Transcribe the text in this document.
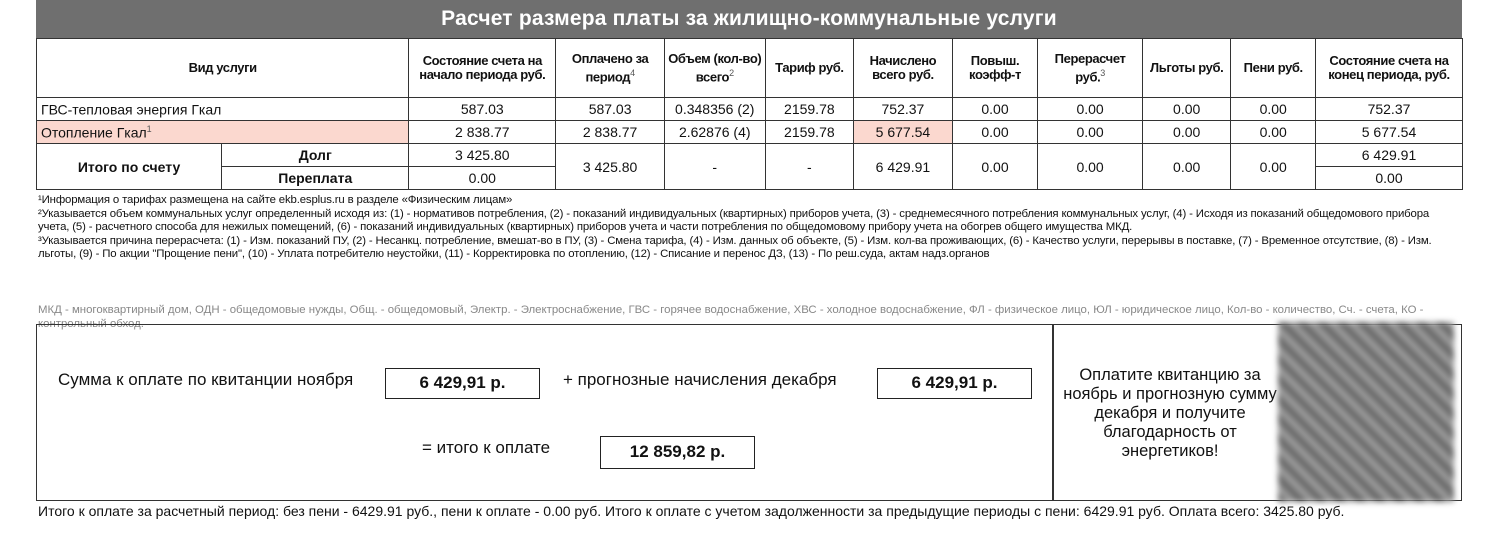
Расчет размера платы за жилищно-коммунальные услуги
Вид услуги		Состояние счета на начало периода руб.	Оплачено за период$^4$	Объем (кол-во) всего$^2$	Тариф руб.	Начислено всего руб.	Повыш. коэфф-т	Перерасчет руб.$^3$	Льготы руб.	Пени руб.	Состояние счета на конец периода, руб.
ГВС-тепловая энергия Гкал		587.03	587.03	0.348356 (2)	2159.78	752.37	0.00	0.00	0.00	0.00	752.37
Отопление Гкал$^1$		2 838.77	2 838.77	2.62876 (4)	2159.78	5 677.54	0.00	0.00	0.00	0.00	5 677.54
Итого по счету	Долг	3 425.80	3 425.80	-	-	6 429.91	0.00	0.00	0.00	0.00	6 429.91
	Переплата	0.00									0.00

¹Информация о тарифах размещена на сайте ekb.esplus.ru в разделе «Физическим лицам»

²Указывается объем коммунальных услуг определенный исходя из: (1) - нормативов потребления, (2) - показаний индивидуальных (квартирных) приборов учета, (3) - среднемесячного потребления коммунальных услуг, (4) - Исходя из показаний общедомового прибора учета, (5) - расчетного способа для нежилых помещений, (6) - показаний индивидуальных (квартирных) приборов учета и части потребления по общедомовому прибору учета на обогрев общего имущества МКД.

³Указывается причина перерасчета: (1) - Изм. показаний ПУ, (2) - Несанкц. потребление, вмешат-во в ПУ, (3) - Смена тарифа, (4) - Изм. данных об объекте, (5) - Изм. кол-ва проживающих, (6) - Качество услуги, перерывы в поставке, (7) - Временное отсутствие, (8) - Изм. льготы, (9) - По акции "Прощение пени", (10) - Уплата потребителю неустойки, (11) - Корректировка по отоплению, (12) - Списание и перенос ДЗ, (13) - По реш.суда, актам надз.органов

МКД - многоквартирный дом, ОДН - общедомовые нужды, Общ. - общедомовый, Электр. - Электроснабжение, ГВС - горячее водоснабжение, ХВС - холодное водоснабжение, ФЛ - физическое лицо, ЮЛ - юридическое лицо, Кол-во - количество, Сч. - счета, КО - контрольный обход.
Сумма к оплате по квитанции ноября	6 429,91 р.	+ прогнозные начисления декабря	6 429,91 р.
= итого к оплате	12 859,82 р.
Оплатите квитанцию за ноябрь и прогнозную сумму декабря и получите благодарность от энергетиков!
Итого к оплате за расчетный период: без пени - 6429.91 руб., пени к оплате - 0.00 руб. Итого к оплате с учетом задолженности за предыдущие периоды с пени: 6429.91 руб. Оплата всего: 3425.80 руб.
